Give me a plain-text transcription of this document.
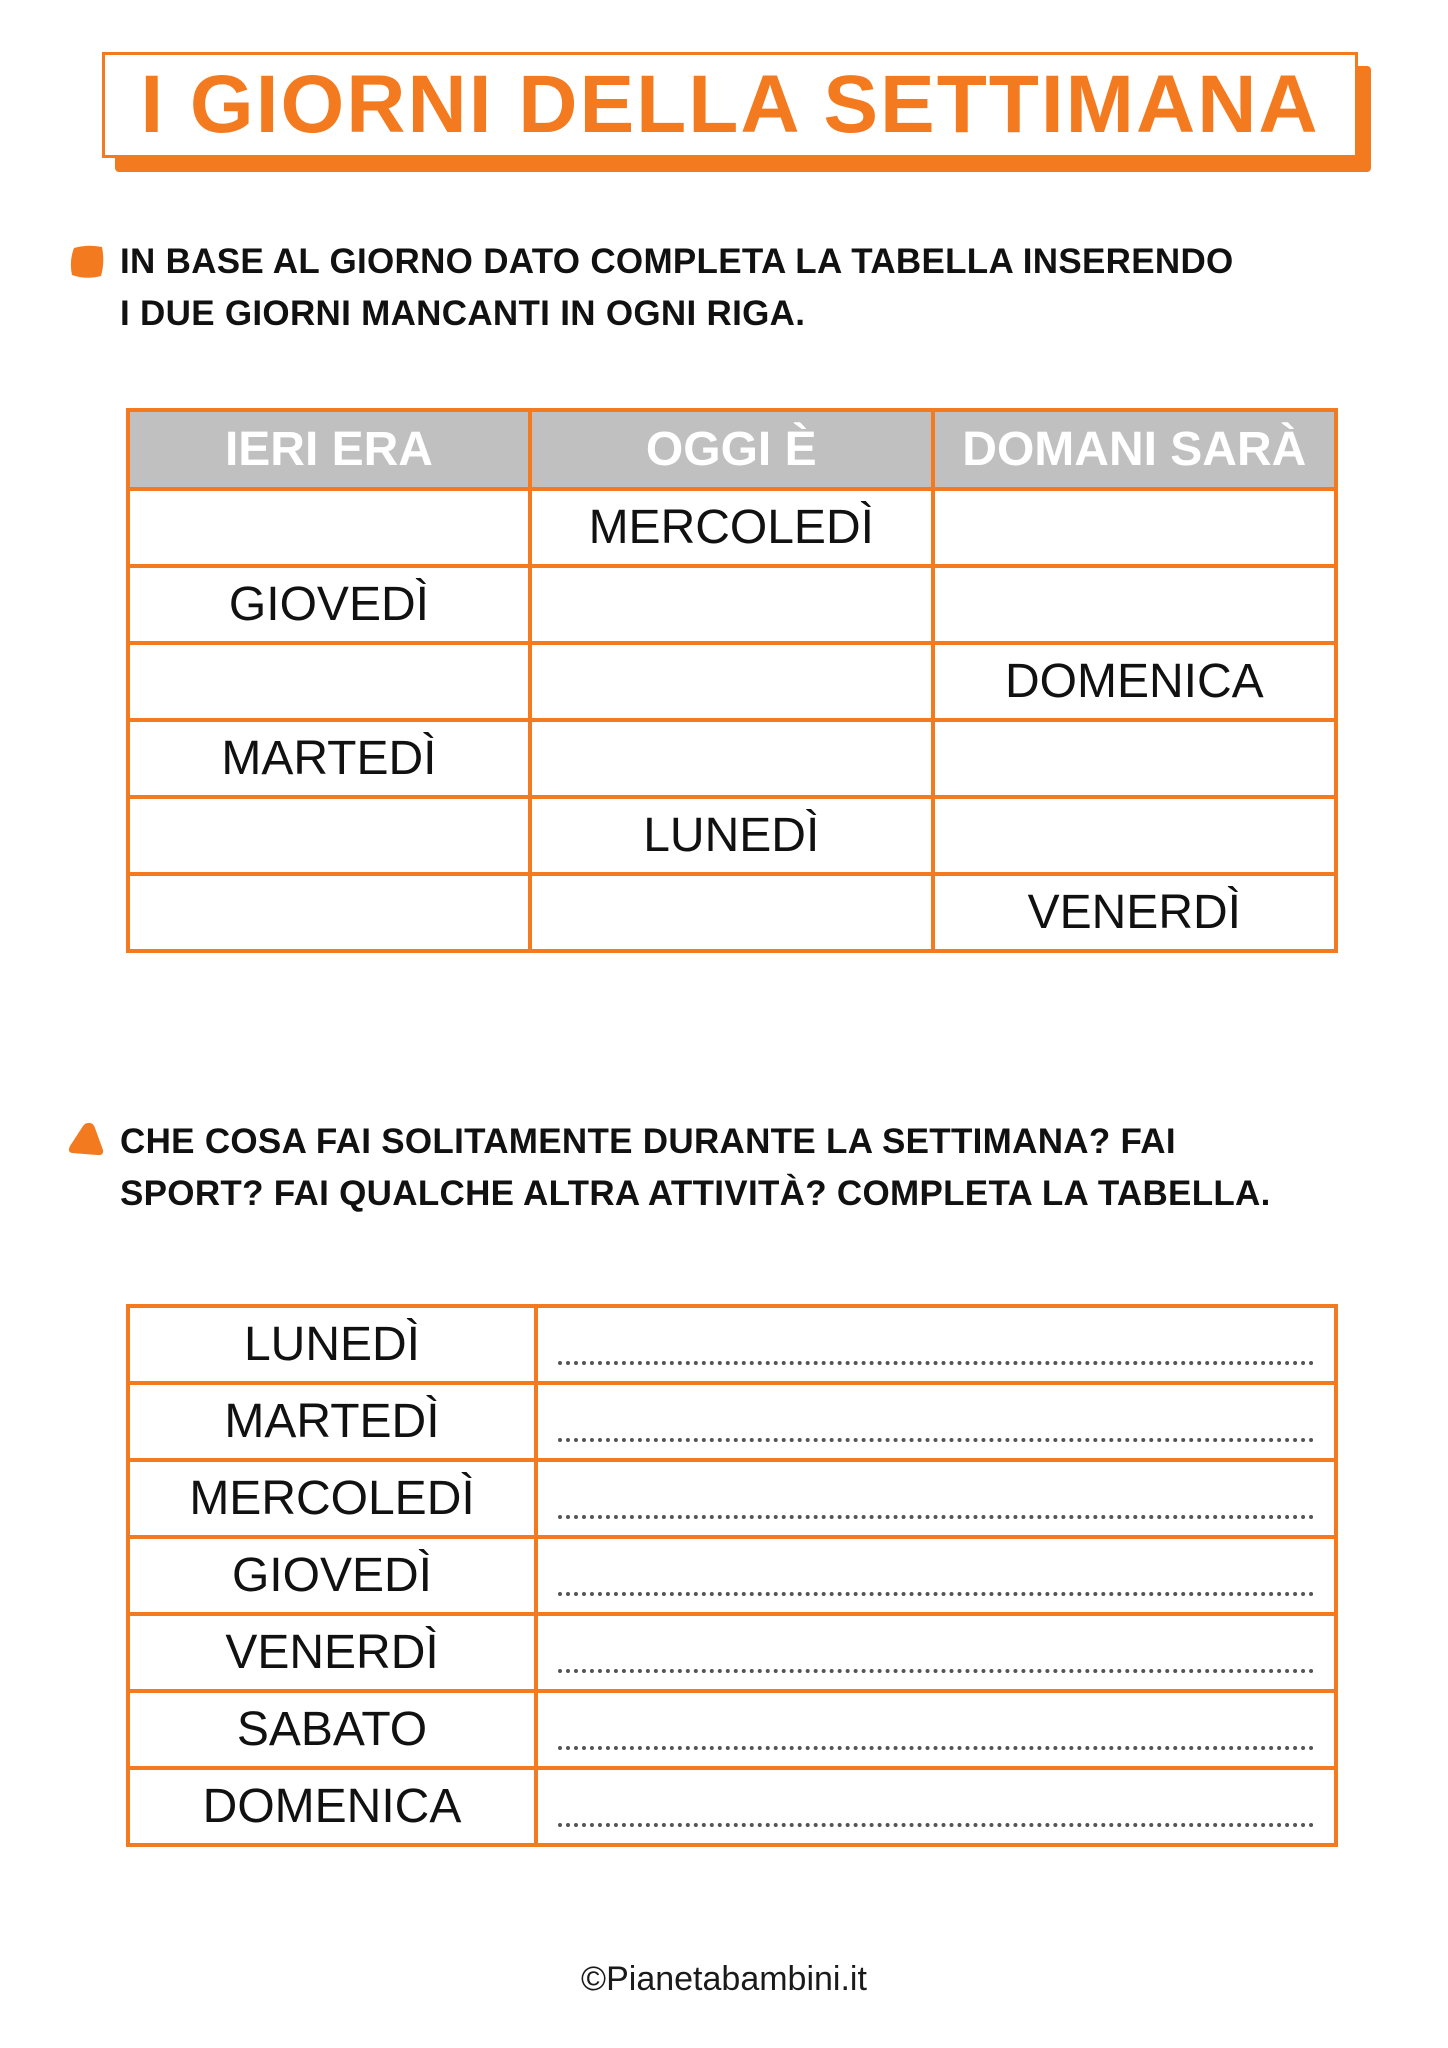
I GIORNI DELLA SETTIMANA
IN BASE AL GIORNO DATO COMPLETA LA TABELLA INSERENDO
I DUE GIORNI MANCANTI IN OGNI RIGA.
IERI ERA	OGGI È	DOMANI SARÀ
	MERCOLEDÌ	
GIOVEDÌ		
		DOMENICA
MARTEDÌ		
	LUNEDÌ	
		VENERDÌ
CHE COSA FAI SOLITAMENTE DURANTE LA SETTIMANA? FAI
SPORT? FAI QUALCHE ALTRA ATTIVITÀ? COMPLETA LA TABELLA.
LUNEDÌ	

MARTEDÌ	

MERCOLEDÌ	

GIOVEDÌ	

VENERDÌ	

SABATO	

DOMENICA	
©Pianetabambini.it
